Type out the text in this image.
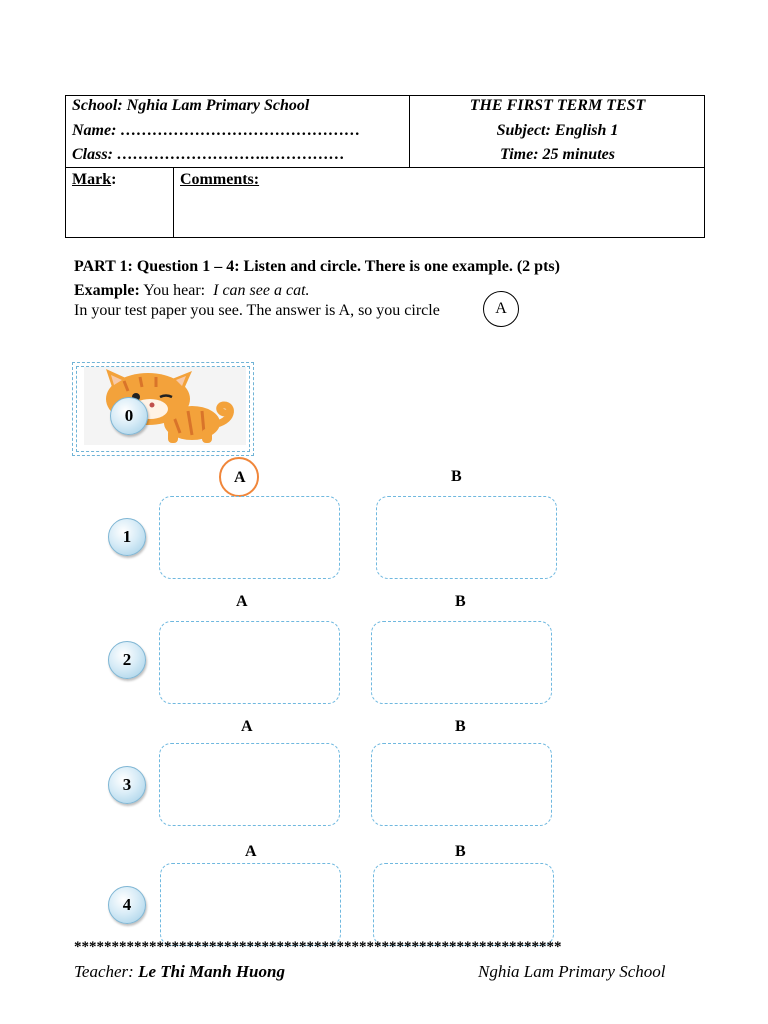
School: Nghia Lam Primary School
Name: ………………………………………
Class: ……………………….……………
THE FIRST TERM TEST
Subject: English 1
Time: 25 minutes
Mark:	Comments:
PART 1: Question 1 – 4: Listen and circle. There is one example. (2 pts)
Example: You hear:  I can see a cat.
In your test paper you see. The answer is A, so you circle	A
0
A	B
1
A	B
2
A	B
3
A	B
4
*****************************************************************
Teacher: Le Thi Manh Huong	Nghia Lam Primary School
